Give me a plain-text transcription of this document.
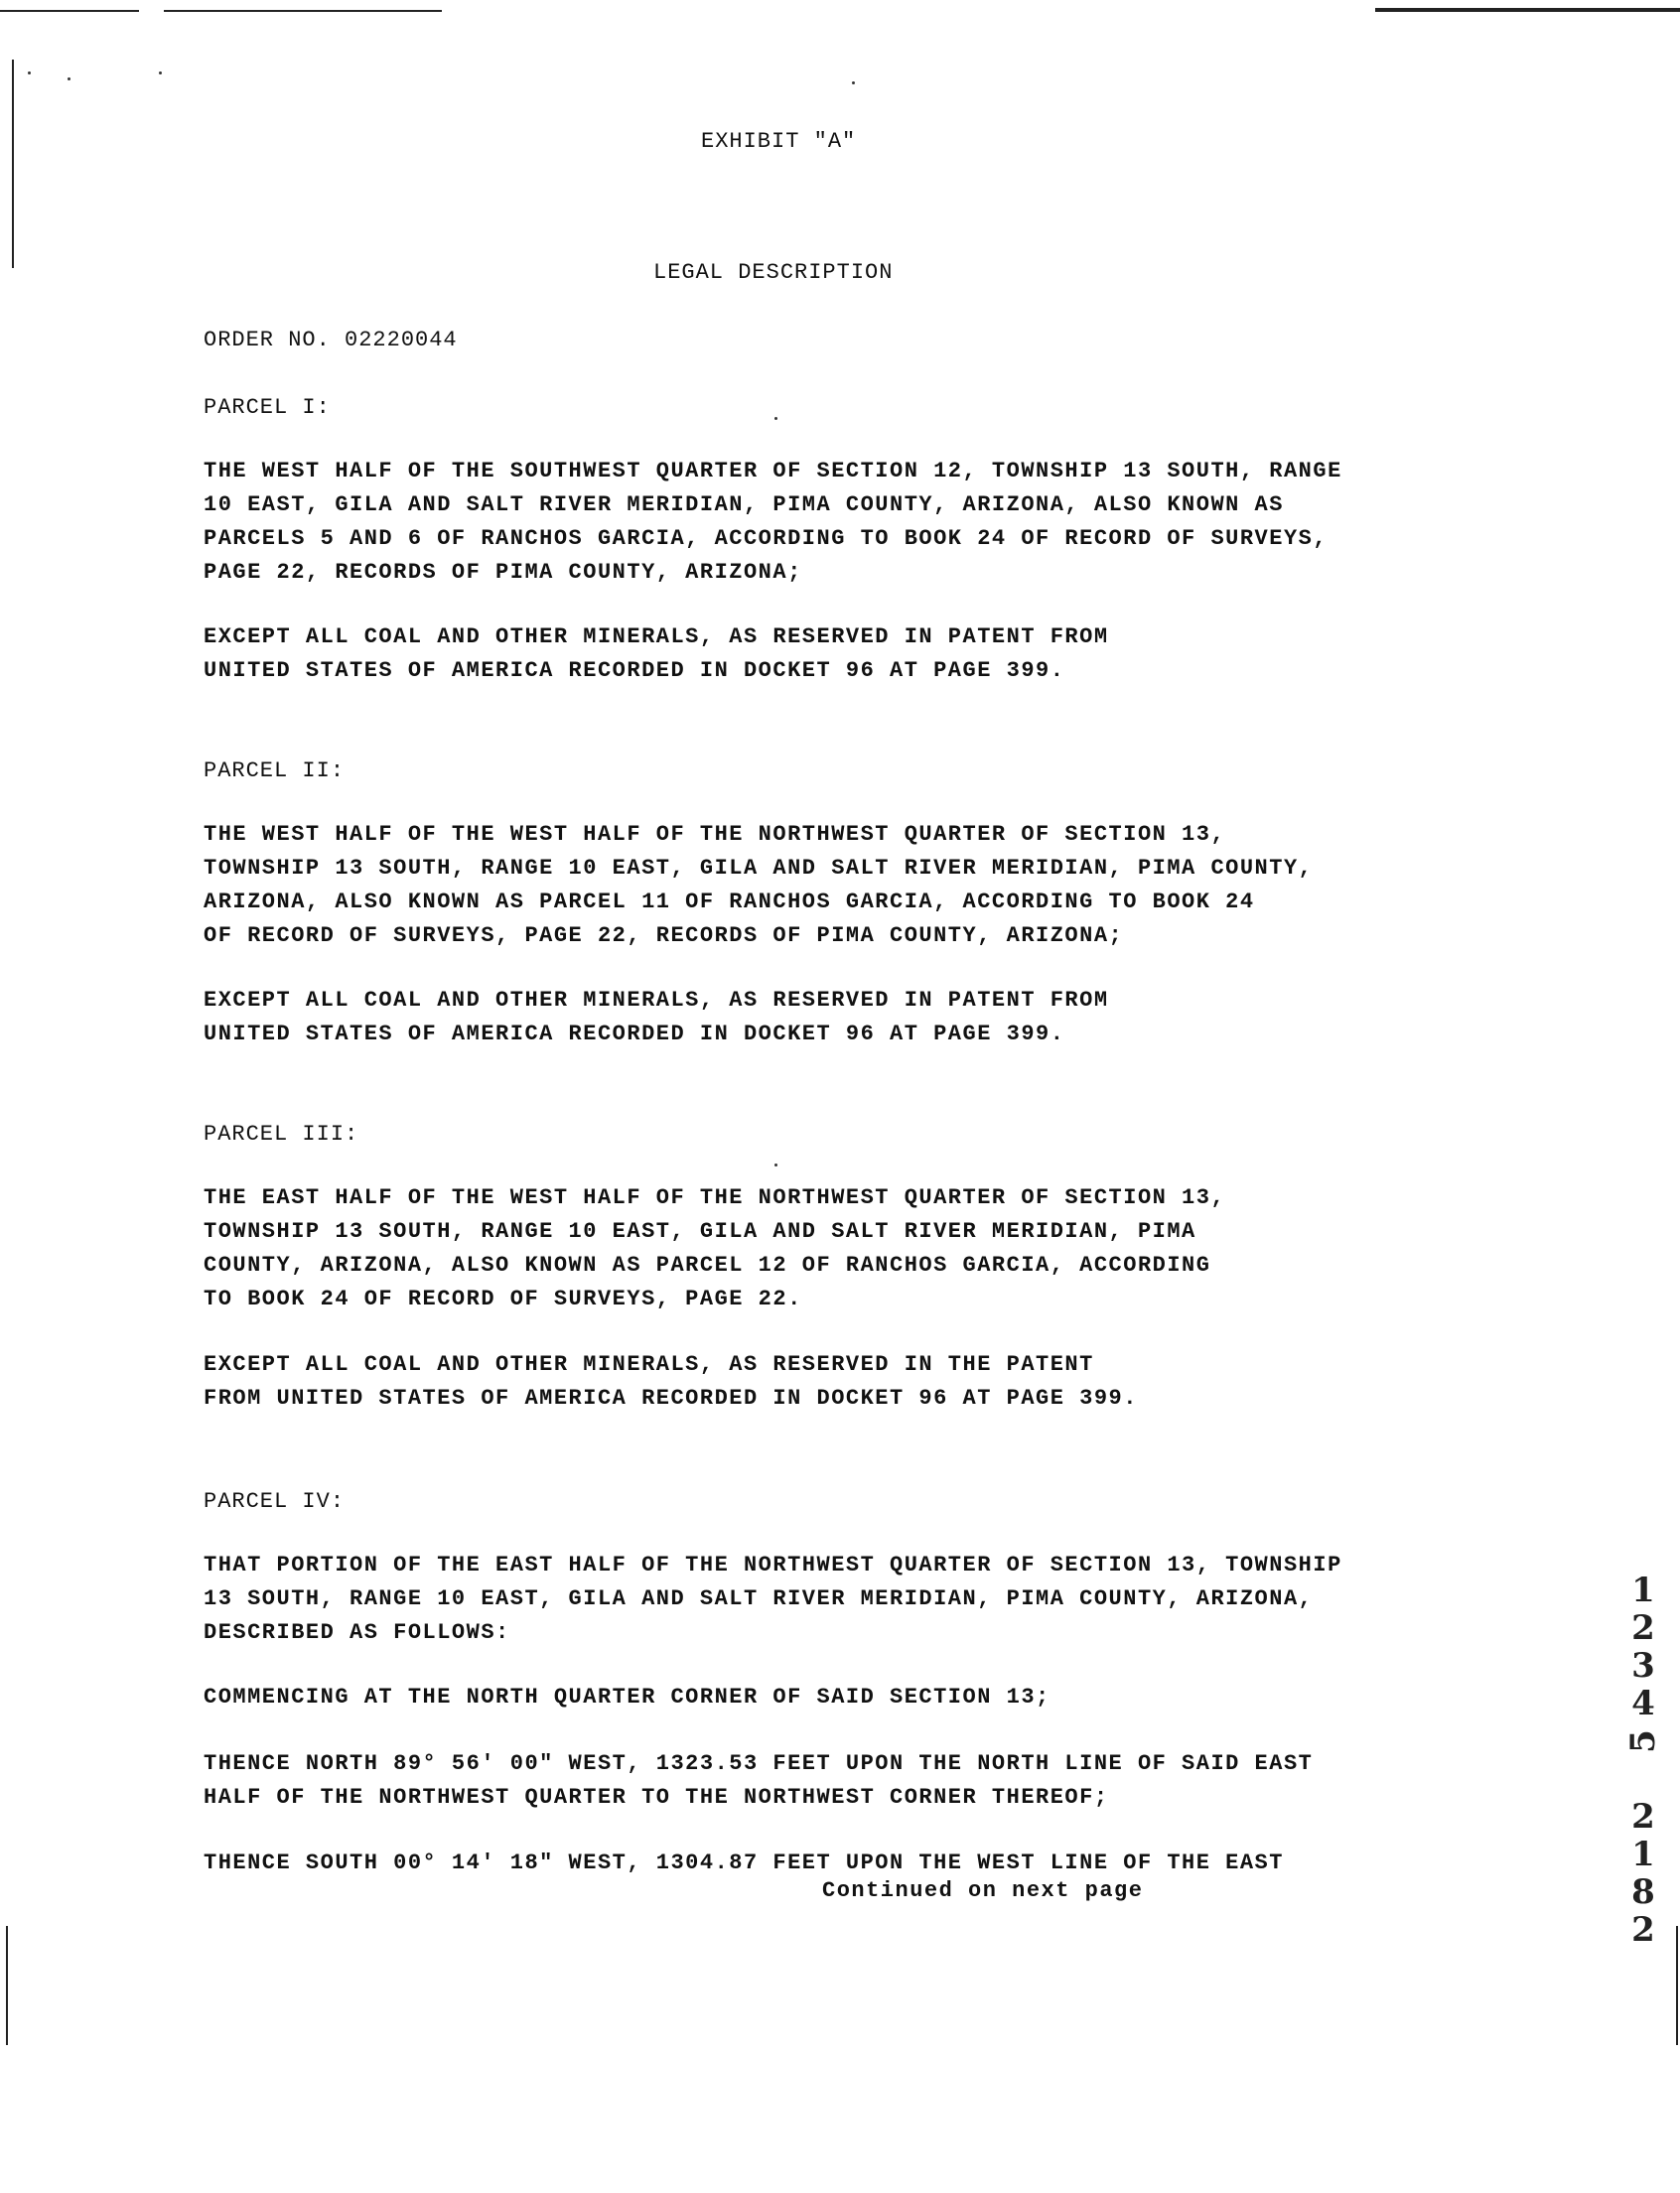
EXHIBIT "A"
LEGAL DESCRIPTION
ORDER NO. 02220044
PARCEL I:
THE WEST HALF OF THE SOUTHWEST QUARTER OF SECTION 12, TOWNSHIP 13 SOUTH, RANGE
10 EAST, GILA AND SALT RIVER MERIDIAN, PIMA COUNTY, ARIZONA, ALSO KNOWN AS
PARCELS 5 AND 6 OF RANCHOS GARCIA, ACCORDING TO BOOK 24 OF RECORD OF SURVEYS,
PAGE 22, RECORDS OF PIMA COUNTY, ARIZONA;
EXCEPT ALL COAL AND OTHER MINERALS, AS RESERVED IN PATENT FROM
UNITED STATES OF AMERICA RECORDED IN DOCKET 96 AT PAGE 399.
PARCEL II:
THE WEST HALF OF THE WEST HALF OF THE NORTHWEST QUARTER OF SECTION 13,
TOWNSHIP 13 SOUTH, RANGE 10 EAST, GILA AND SALT RIVER MERIDIAN, PIMA COUNTY,
ARIZONA, ALSO KNOWN AS PARCEL 11 OF RANCHOS GARCIA, ACCORDING TO BOOK 24
OF RECORD OF SURVEYS, PAGE 22, RECORDS OF PIMA COUNTY, ARIZONA;
EXCEPT ALL COAL AND OTHER MINERALS, AS RESERVED IN PATENT FROM
UNITED STATES OF AMERICA RECORDED IN DOCKET 96 AT PAGE 399.
PARCEL III:
THE EAST HALF OF THE WEST HALF OF THE NORTHWEST QUARTER OF SECTION 13,
TOWNSHIP 13 SOUTH, RANGE 10 EAST, GILA AND SALT RIVER MERIDIAN, PIMA
COUNTY, ARIZONA, ALSO KNOWN AS PARCEL 12 OF RANCHOS GARCIA, ACCORDING
TO BOOK 24 OF RECORD OF SURVEYS, PAGE 22.
EXCEPT ALL COAL AND OTHER MINERALS, AS RESERVED IN THE PATENT
FROM UNITED STATES OF AMERICA RECORDED IN DOCKET 96 AT PAGE 399.
PARCEL IV:
THAT PORTION OF THE EAST HALF OF THE NORTHWEST QUARTER OF SECTION 13, TOWNSHIP
13 SOUTH, RANGE 10 EAST, GILA AND SALT RIVER MERIDIAN, PIMA COUNTY, ARIZONA,
DESCRIBED AS FOLLOWS:
COMMENCING AT THE NORTH QUARTER CORNER OF SAID SECTION 13;
THENCE NORTH 89° 56' 00" WEST, 1323.53 FEET UPON THE NORTH LINE OF SAID EAST
HALF OF THE NORTHWEST QUARTER TO THE NORTHWEST CORNER THEREOF;
THENCE SOUTH 00° 14' 18" WEST, 1304.87 FEET UPON THE WEST LINE OF THE EAST
Continued on next page
1
2
3
4
5
2
1
8
2
